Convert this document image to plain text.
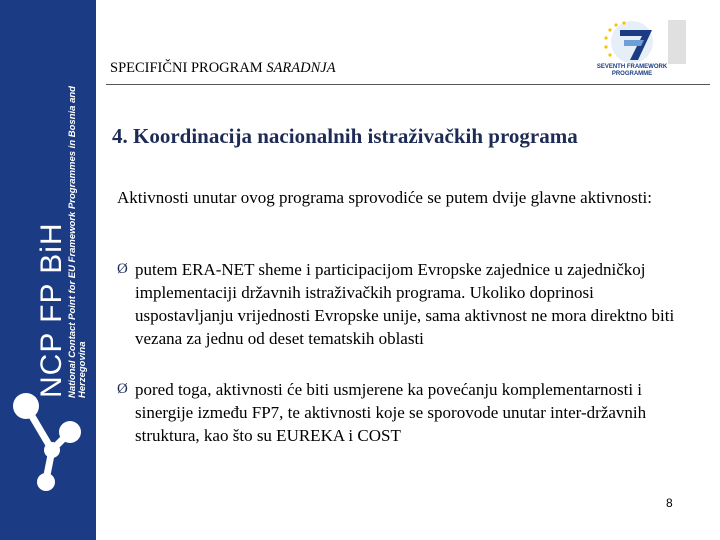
NCP FP BiH National Contact Point for EU Framework Programmes in Bosnia and Herzegovina
SPECIFIČNI PROGRAM SARADNJA	SEVENTH FRAMEWORK
PROGRAMME
4. Koordinacija nacionalnih istraživačkih programa
Aktivnosti unutar ovog programa sprovodiće se putem dvije glavne aktivnosti:
Ø putem ERA-NET sheme i participacijom Evropske zajednice u zajedničkoj implementaciji državnih istraživačkih programa. Ukoliko doprinosi uspostavljanju vrijednosti Evropske unije, sama aktivnost ne mora direktno biti vezana za jednu od deset tematskih oblasti
Ø pored toga, aktivnosti će biti usmjerene ka povećanju komplementarnosti i sinergije između FP7, te aktivnosti koje se sporovode unutar inter-državnih struktura, kao što su EUREKA i COST
8
